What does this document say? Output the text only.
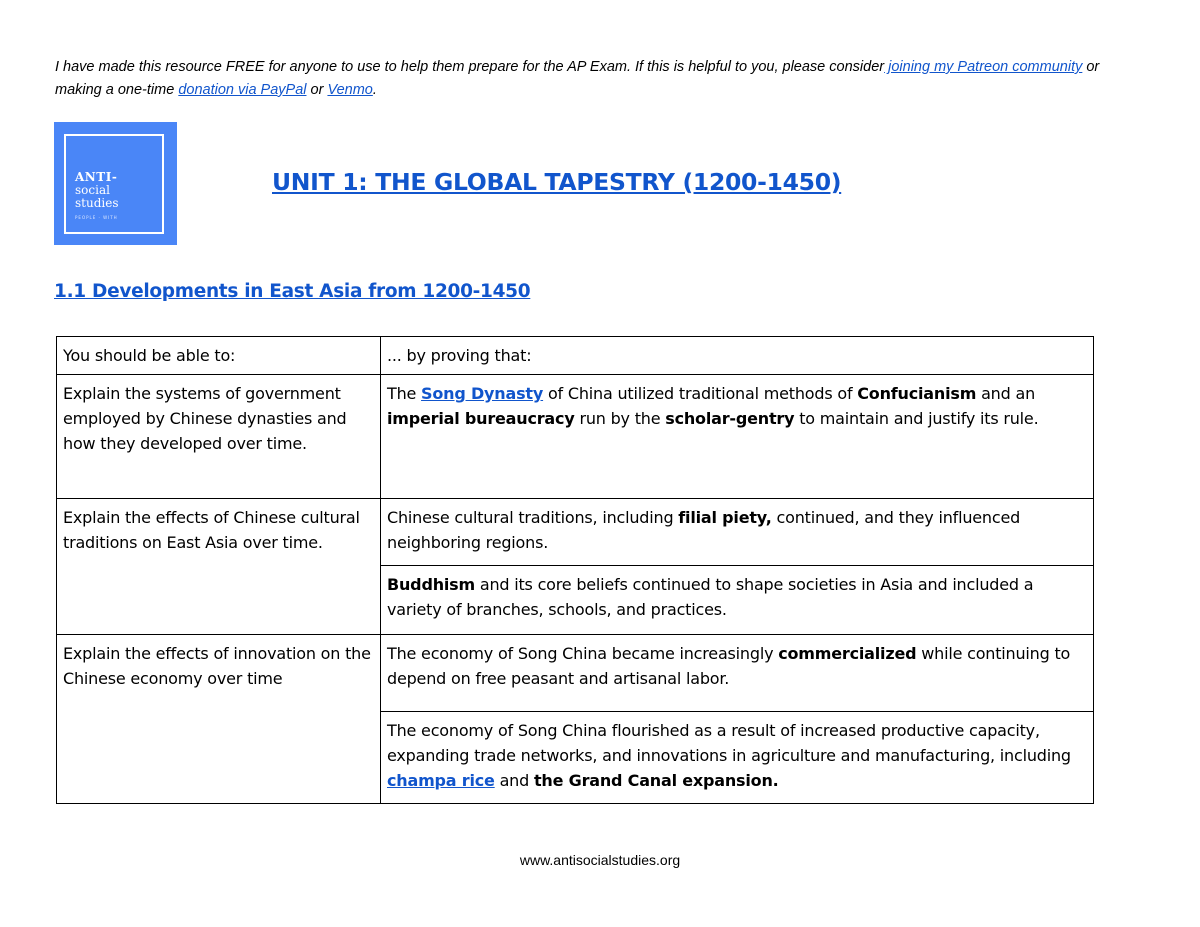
I have made this resource FREE for anyone to use to help them prepare for the AP Exam. If this is helpful to you, please consider joining my Patreon community or making a one-time donation via PayPal or Venmo.
ANTI-
social
studies
PEOPLE · WITH
UNIT 1: THE GLOBAL TAPESTRY (1200-1450)
1.1 Developments in East Asia from 1200-1450
You should be able to:	... by proving that:
Explain the systems of government employed by Chinese dynasties and how they developed over time.	The Song Dynasty of China utilized traditional methods of Confucianism and an imperial bureaucracy run by the scholar-gentry to maintain and justify its rule.
Explain the effects of Chinese cultural traditions on East Asia over time.	Chinese cultural traditions, including filial piety, continued, and they influenced neighboring regions.
	Buddhism and its core beliefs continued to shape societies in Asia and included a variety of branches, schools, and practices.
Explain the effects of innovation on the Chinese economy over time	The economy of Song China became increasingly commercialized while continuing to depend on free peasant and artisanal labor.
	The economy of Song China flourished as a result of increased productive capacity, expanding trade networks, and innovations in agriculture and manufacturing, including champa rice and the Grand Canal expansion.
www.antisocialstudies.org
